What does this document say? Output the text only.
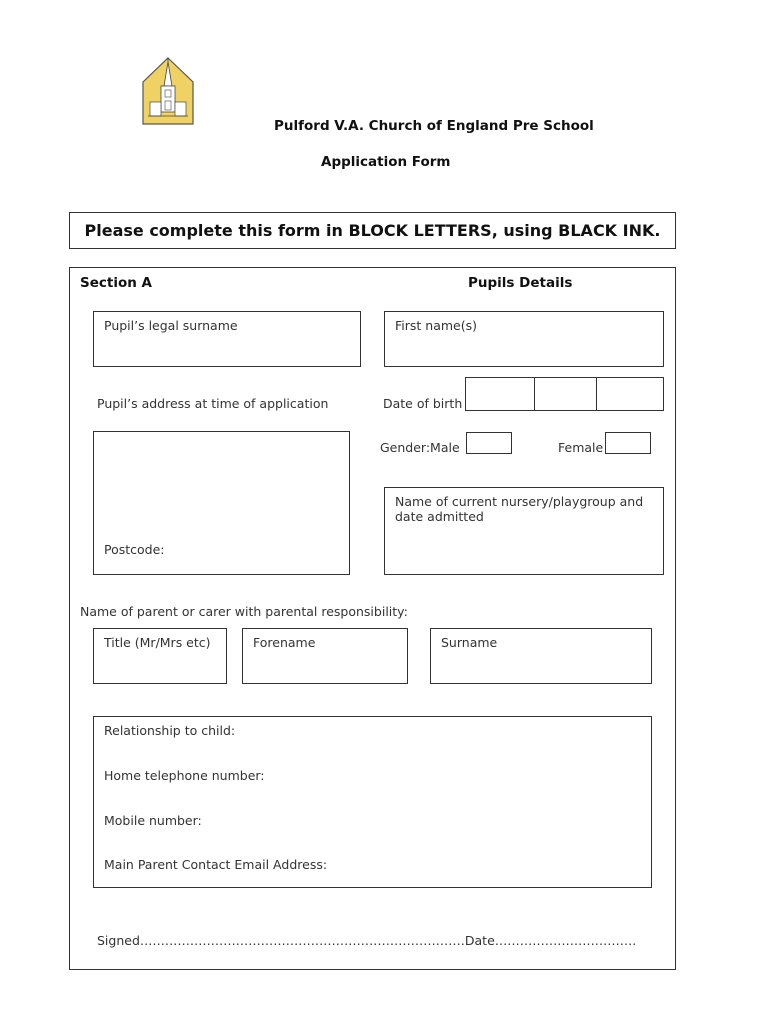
Pulford V.A. Church of England Pre School
Application Form
Please complete this form in BLOCK LETTERS, using BLACK INK.
Section A	Pupils Details
Pupil’s legal surname	First name(s)
Pupil’s address at time of application	Date of birth
Postcode:
Gender:Male	Female
Name of current nursery/playgroup and date admitted
Name of parent or carer with parental responsibility:
Title (Mr/Mrs etc)	Forename	Surname
Relationship to child:
Home telephone number:
Mobile number:
Main Parent Contact Email Address:
Signed……………………………………………………………………Date…………………………….
